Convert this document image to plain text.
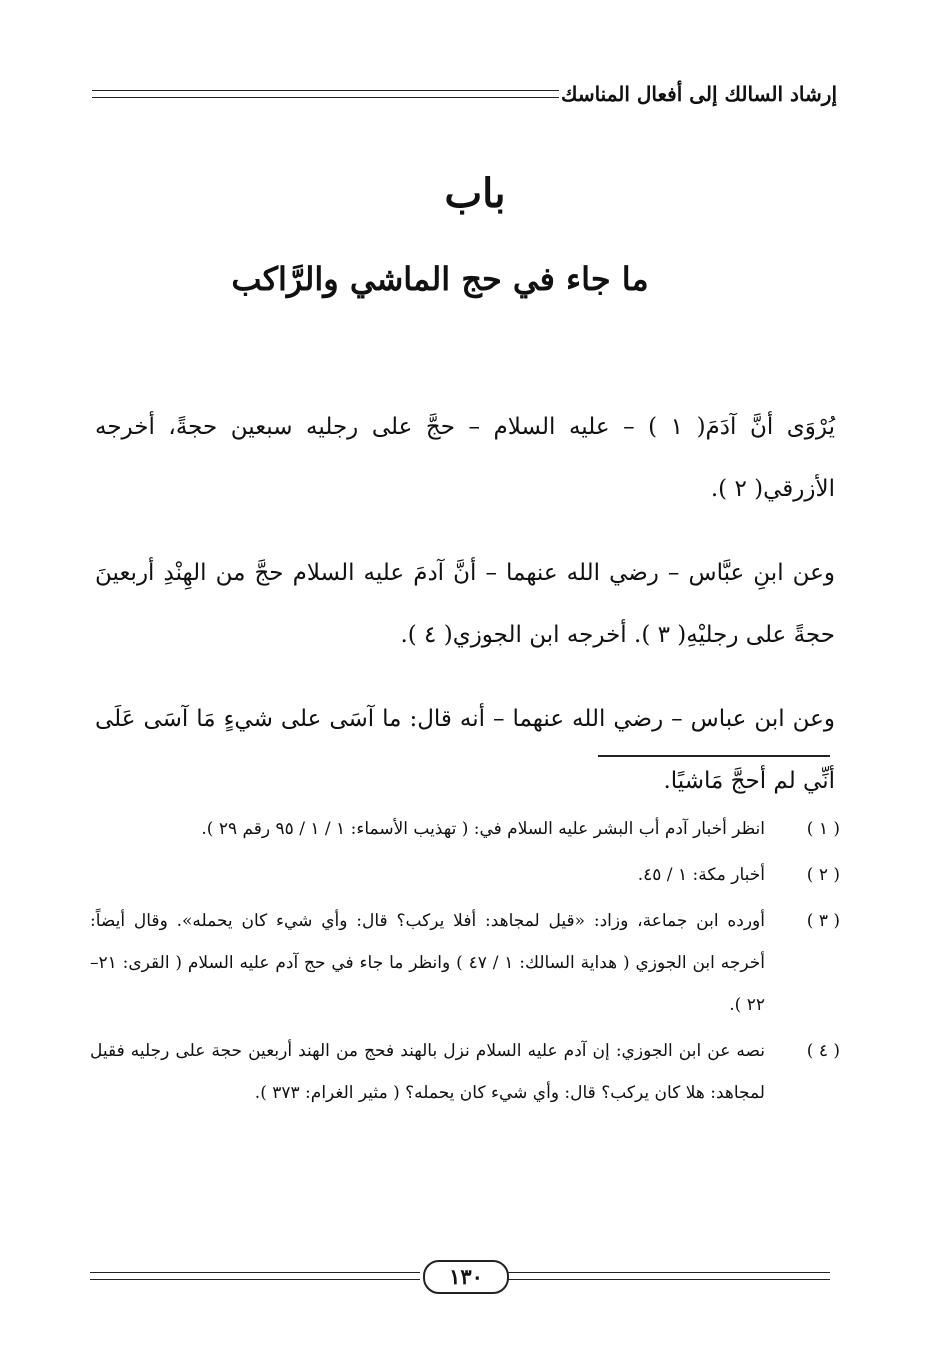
إرشاد السالك إلى أفعال المناسك
باب
ما جاء في حج الماشي والرَّاكب

يُرْوَى أنَّ آدَمَ( ١ ) – عليه السلام – حجَّ على رجليه سبعين حجةً، أخرجه الأزرقي( ٢ ).

وعن ابنِ عبَّاس – رضي الله عنهما – أنَّ آدمَ عليه السلام حجَّ من الهِنْدِ أربعينَ حجةً على رجليْهِ( ٣ ). أخرجه ابن الجوزي( ٤ ).

وعن ابن عباس – رضي الله عنهما – أنه قال: ما آسَى على شيءٍ مَا آسَى عَلَى أنِّي لم أحجَّ مَاشيًا.

( ١ )
انظر أخبار آدم أب البشر عليه السلام في: ( تهذيب الأسماء: ١ / ١ / ٩٥ رقم ٢٩ ).
( ٢ )
أخبار مكة: ١ / ٤٥.
( ٣ )
أورده ابن جماعة، وزاد: «قيل لمجاهد: أفلا يركب؟ قال: وأي شيء كان يحمله». وقال أيضاً: أخرجه ابن الجوزي ( هداية السالك: ١ / ٤٧ ) وانظر ما جاء في حج آدم عليه السلام ( القرى: ٢١–٢٢ ).
( ٤ )
نصه عن ابن الجوزي: إن آدم عليه السلام نزل بالهند فحج من الهند أربعين حجة على رجليه فقيل لمجاهد: هلا كان يركب؟ قال: وأي شيء كان يحمله؟ ( مثير الغرام: ٣٧٣ ).
١٣٠
